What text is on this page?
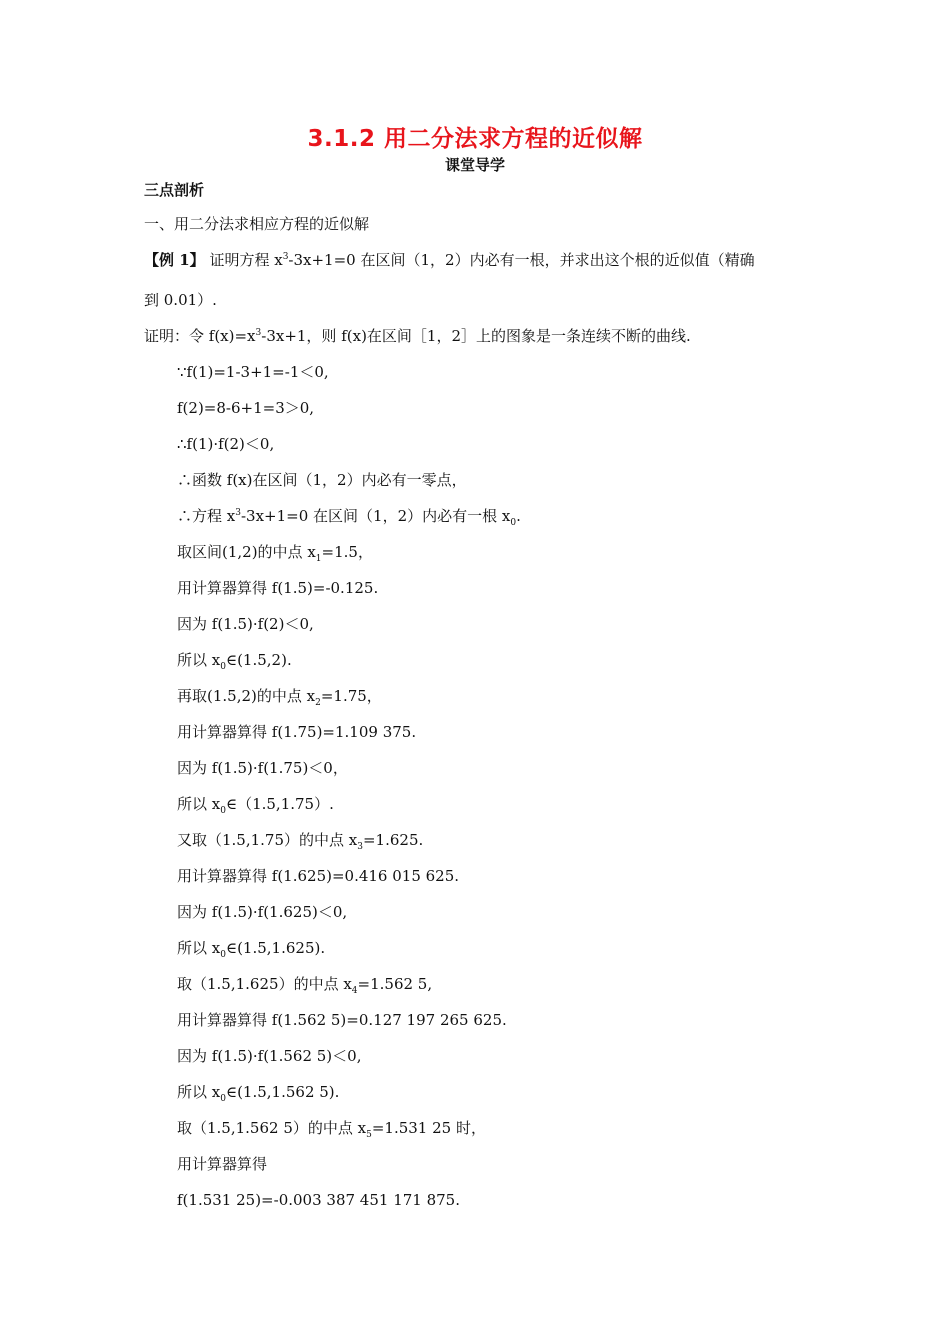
3.1.2 用二分法求方程的近似解
课堂导学
三点剖析
一、用二分法求相应方程的近似解
【例 1】 证明方程 $x^3-3x+1=0$ 在区间（1，2）内必有一根，并求出这个根的近似值（精确
到 0.01）.
证明：令 $f(x)=x^3-3x+1$，则 f(x)在区间［1，2］上的图象是一条连续不断的曲线.
∵f(1)=1-3+1=-1＜0,
f(2)=8-6+1=3＞0,
∴f(1)·f(2)＜0,
∴函数 f(x)在区间（1，2）内必有一零点，
∴方程 $x^3-3x+1=0$ 在区间（1，2）内必有一根 $x_0$.
取区间(1,2)的中点 $x_1=1.5$，
用计算器算得 f(1.5)=-0.125.
因为 f(1.5)·f(2)＜0,
所以 $x_0\in(1.5,2)$.
再取(1.5,2)的中点 $x_2=1.75$，
用计算器算得 f(1.75)=1.109 375.
因为 f(1.5)·f(1.75)＜0，
所以 $x_0\in(1.5,1.75)$.
又取（1.5,1.75）的中点 $x_3=1.625$.
用计算器算得 f(1.625)=0.416 015 625.
因为 f(1.5)·f(1.625)＜0,
所以 $x_0\in(1.5,1.625)$.
取（1.5,1.625）的中点 $x_4=1.562$ 5,
用计算器算得 f(1.562 5)=0.127 197 265 625.
因为 f(1.5)·f(1.562 5)＜0,
所以 $x_0\in(1.5,1.562$ 5).
取（1.5,1.562 5）的中点 $x_5=1.531$ 25 时，
用计算器算得
f(1.531 25)=-0.003 387 451 171 875.
